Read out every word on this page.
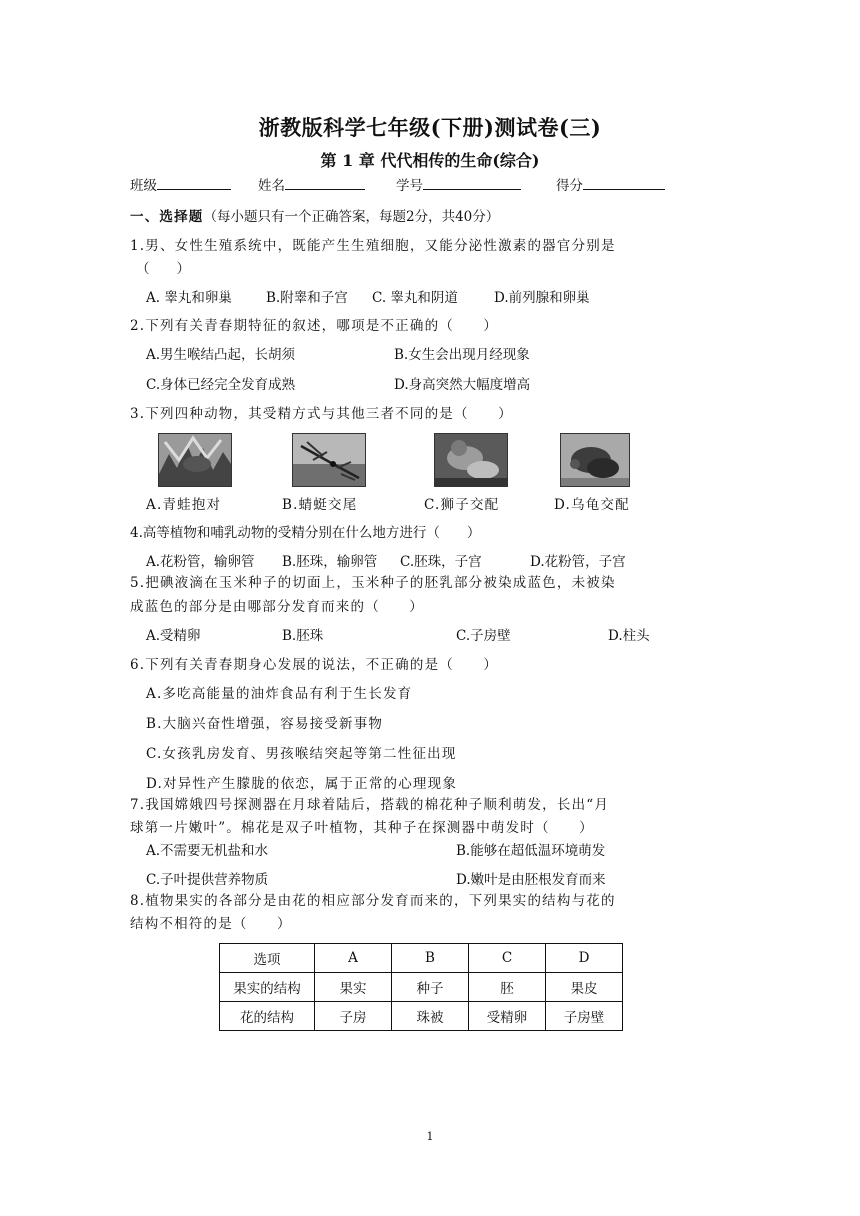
浙教版科学七年级(下册)测试卷(三)
第 1 章 代代相传的生命(综合)
班级	姓名	学号	得分
一、选择题（每小题只有一个正确答案，每题2分，共40分）
1.男、女性生殖系统中，既能产生生殖细胞，又能分泌性激素的器官分别是
（　　）
A. 睾丸和卵巢	B.附睾和子宫 C. 睾丸和阴道	D.前列腺和卵巢
2.下列有关青春期特征的叙述，哪项是不正确的（　　）
A.男生喉结凸起，长胡须	B.女生会出现月经现象
C.身体已经完全发育成熟	D.身高突然大幅度增高
3.下列四种动物，其受精方式与其他三者不同的是（　　）
A.青蛙抱对	B.蜻蜓交尾	C.狮子交配	D.乌龟交配
4.高等植物和哺乳动物的受精分别在什么地方进行（　　）
A.花粉管，输卵管 B.胚珠，输卵管 C.胚珠，子宫	D.花粉管，子宫
5.把碘液滴在玉米种子的切面上，玉米种子的胚乳部分被染成蓝色，未被染
成蓝色的部分是由哪部分发育而来的（　　）
A.受精卵	B.胚珠	C.子房壁	D.柱头
6.下列有关青春期身心发展的说法，不正确的是（　　）
A.多吃高能量的油炸食品有利于生长发育
B.大脑兴奋性增强，容易接受新事物
C.女孩乳房发育、男孩喉结突起等第二性征出现
D.对异性产生朦胧的依恋，属于正常的心理现象
7.我国嫦娥四号探测器在月球着陆后，搭载的棉花种子顺利萌发，长出“月
球第一片嫩叶”。棉花是双子叶植物，其种子在探测器中萌发时（　　）
A.不需要无机盐和水	B.能够在超低温环境萌发
C.子叶提供营养物质	D.嫩叶是由胚根发育而来
8.植物果实的各部分是由花的相应部分发育而来的，下列果实的结构与花的
结构不相符的是（　　）
选项	A	B	C	D
果实的结构	果实	种子	胚	果皮
花的结构	子房	珠被	受精卵	子房壁
1
